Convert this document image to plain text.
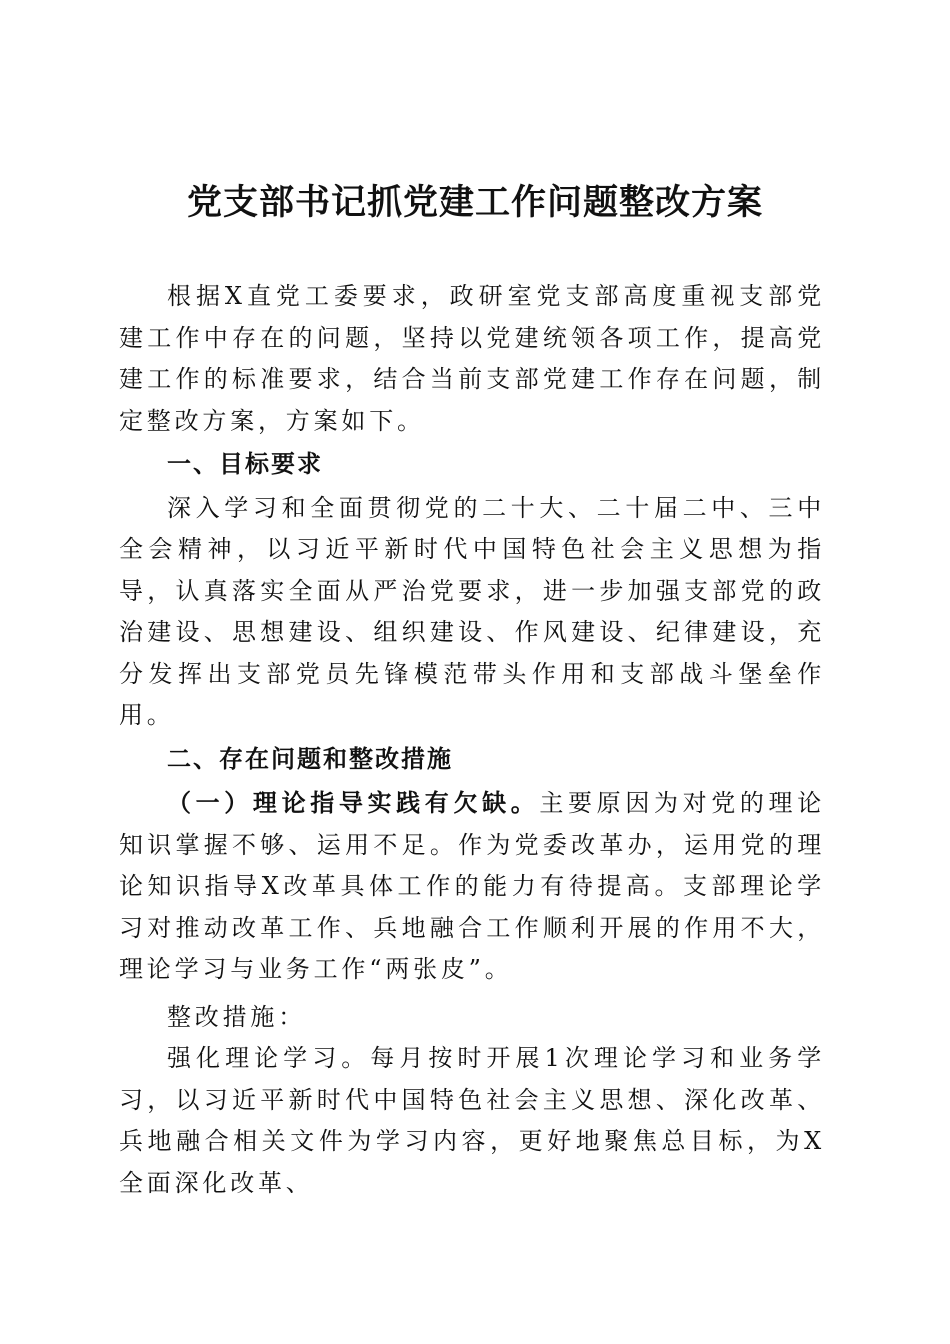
党支部书记抓党建工作问题整改方案

根据X直党工委要求，政研室党支部高度重视支部党建工作中存在的问题，坚持以党建统领各项工作，提高党建工作的标准要求，结合当前支部党建工作存在问题，制定整改方案，方案如下。

一、目标要求

深入学习和全面贯彻党的二十大、二十届二中、三中全会精神，以习近平新时代中国特色社会主义思想为指导，认真落实全面从严治党要求，进一步加强支部党的政治建设、思想建设、组织建设、作风建设、纪律建设，充分发挥出支部党员先锋模范带头作用和支部战斗堡垒作用。

二、存在问题和整改措施

（一）理论指导实践有欠缺。主要原因为对党的理论知识掌握不够、运用不足。作为党委改革办，运用党的理论知识指导X改革具体工作的能力有待提高。支部理论学习对推动改革工作、兵地融合工作顺利开展的作用不大，理论学习与业务工作“两张皮”。

整改措施：

强化理论学习。每月按时开展1次理论学习和业务学习，以习近平新时代中国特色社会主义思想、深化改革、兵地融合相关文件为学习内容，更好地聚焦总目标，为X全面深化改革、
